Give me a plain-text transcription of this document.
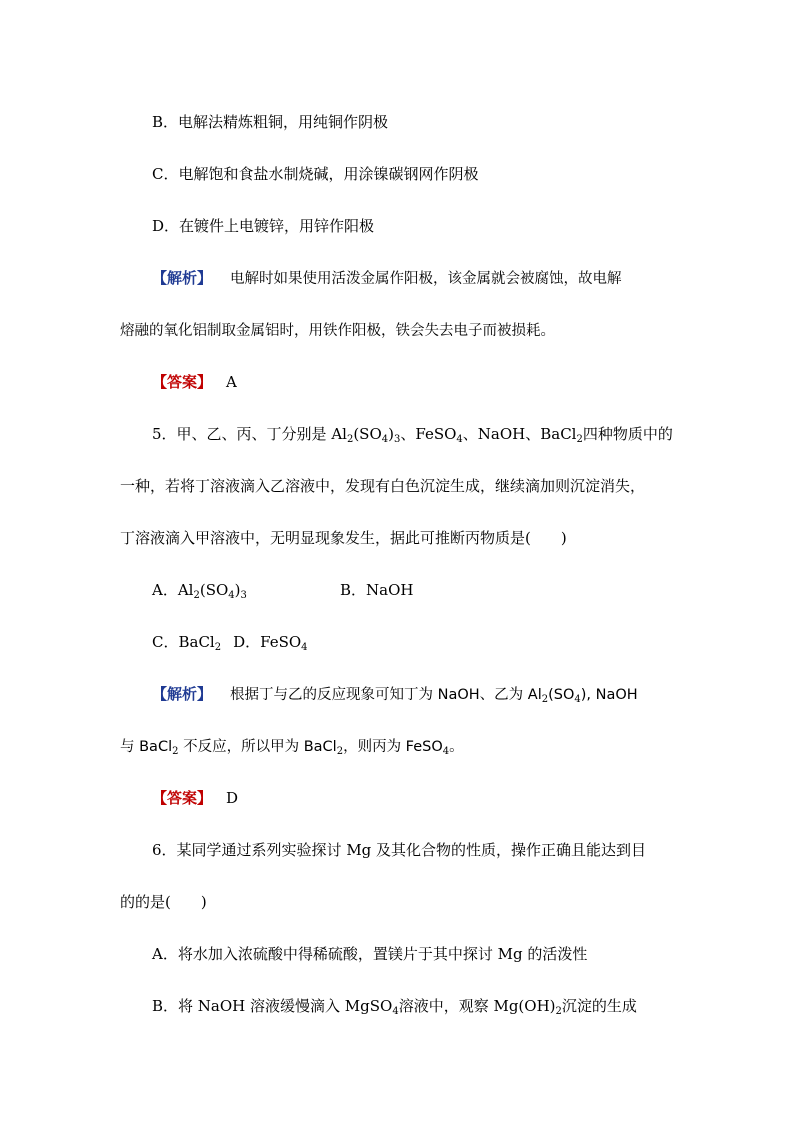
B．电解法精炼粗铜，用纯铜作阴极
C．电解饱和食盐水制烧碱，用涂镍碳钢网作阴极
D．在镀件上电镀锌，用锌作阳极
【解析】 电解时如果使用活泼金属作阳极，该金属就会被腐蚀，故电解
熔融的氧化铝制取金属铝时，用铁作阳极，铁会失去电子而被损耗。
【答案】 A
5．甲、乙、丙、丁分别是 $Al_2(SO_4)_3$、FeSO$_4$、NaOH、BaCl$_2$四种物质中的
一种，若将丁溶液滴入乙溶液中，发现有白色沉淀生成，继续滴加则沉淀消失，
丁溶液滴入甲溶液中，无明显现象发生，据此可推断丙物质是(　　)
A．$Al_2(SO_4)_3$	B．NaOH
C．BaCl$_2$ D．FeSO$_4$
【解析】 根据丁与乙的反应现象可知丁为 NaOH、乙为 $Al_2(SO_4)$, NaOH
与 BaCl$_2$ 不反应，所以甲为 BaCl$_2$，则丙为 FeSO$_4$。
【答案】 D
6．某同学通过系列实验探讨 Mg 及其化合物的性质，操作正确且能达到目
的的是(　　)
A．将水加入浓硫酸中得稀硫酸，置镁片于其中探讨 Mg 的活泼性
B．将 NaOH 溶液缓慢滴入 MgSO$_4$溶液中，观察 $Mg(OH)_2$沉淀的生成
